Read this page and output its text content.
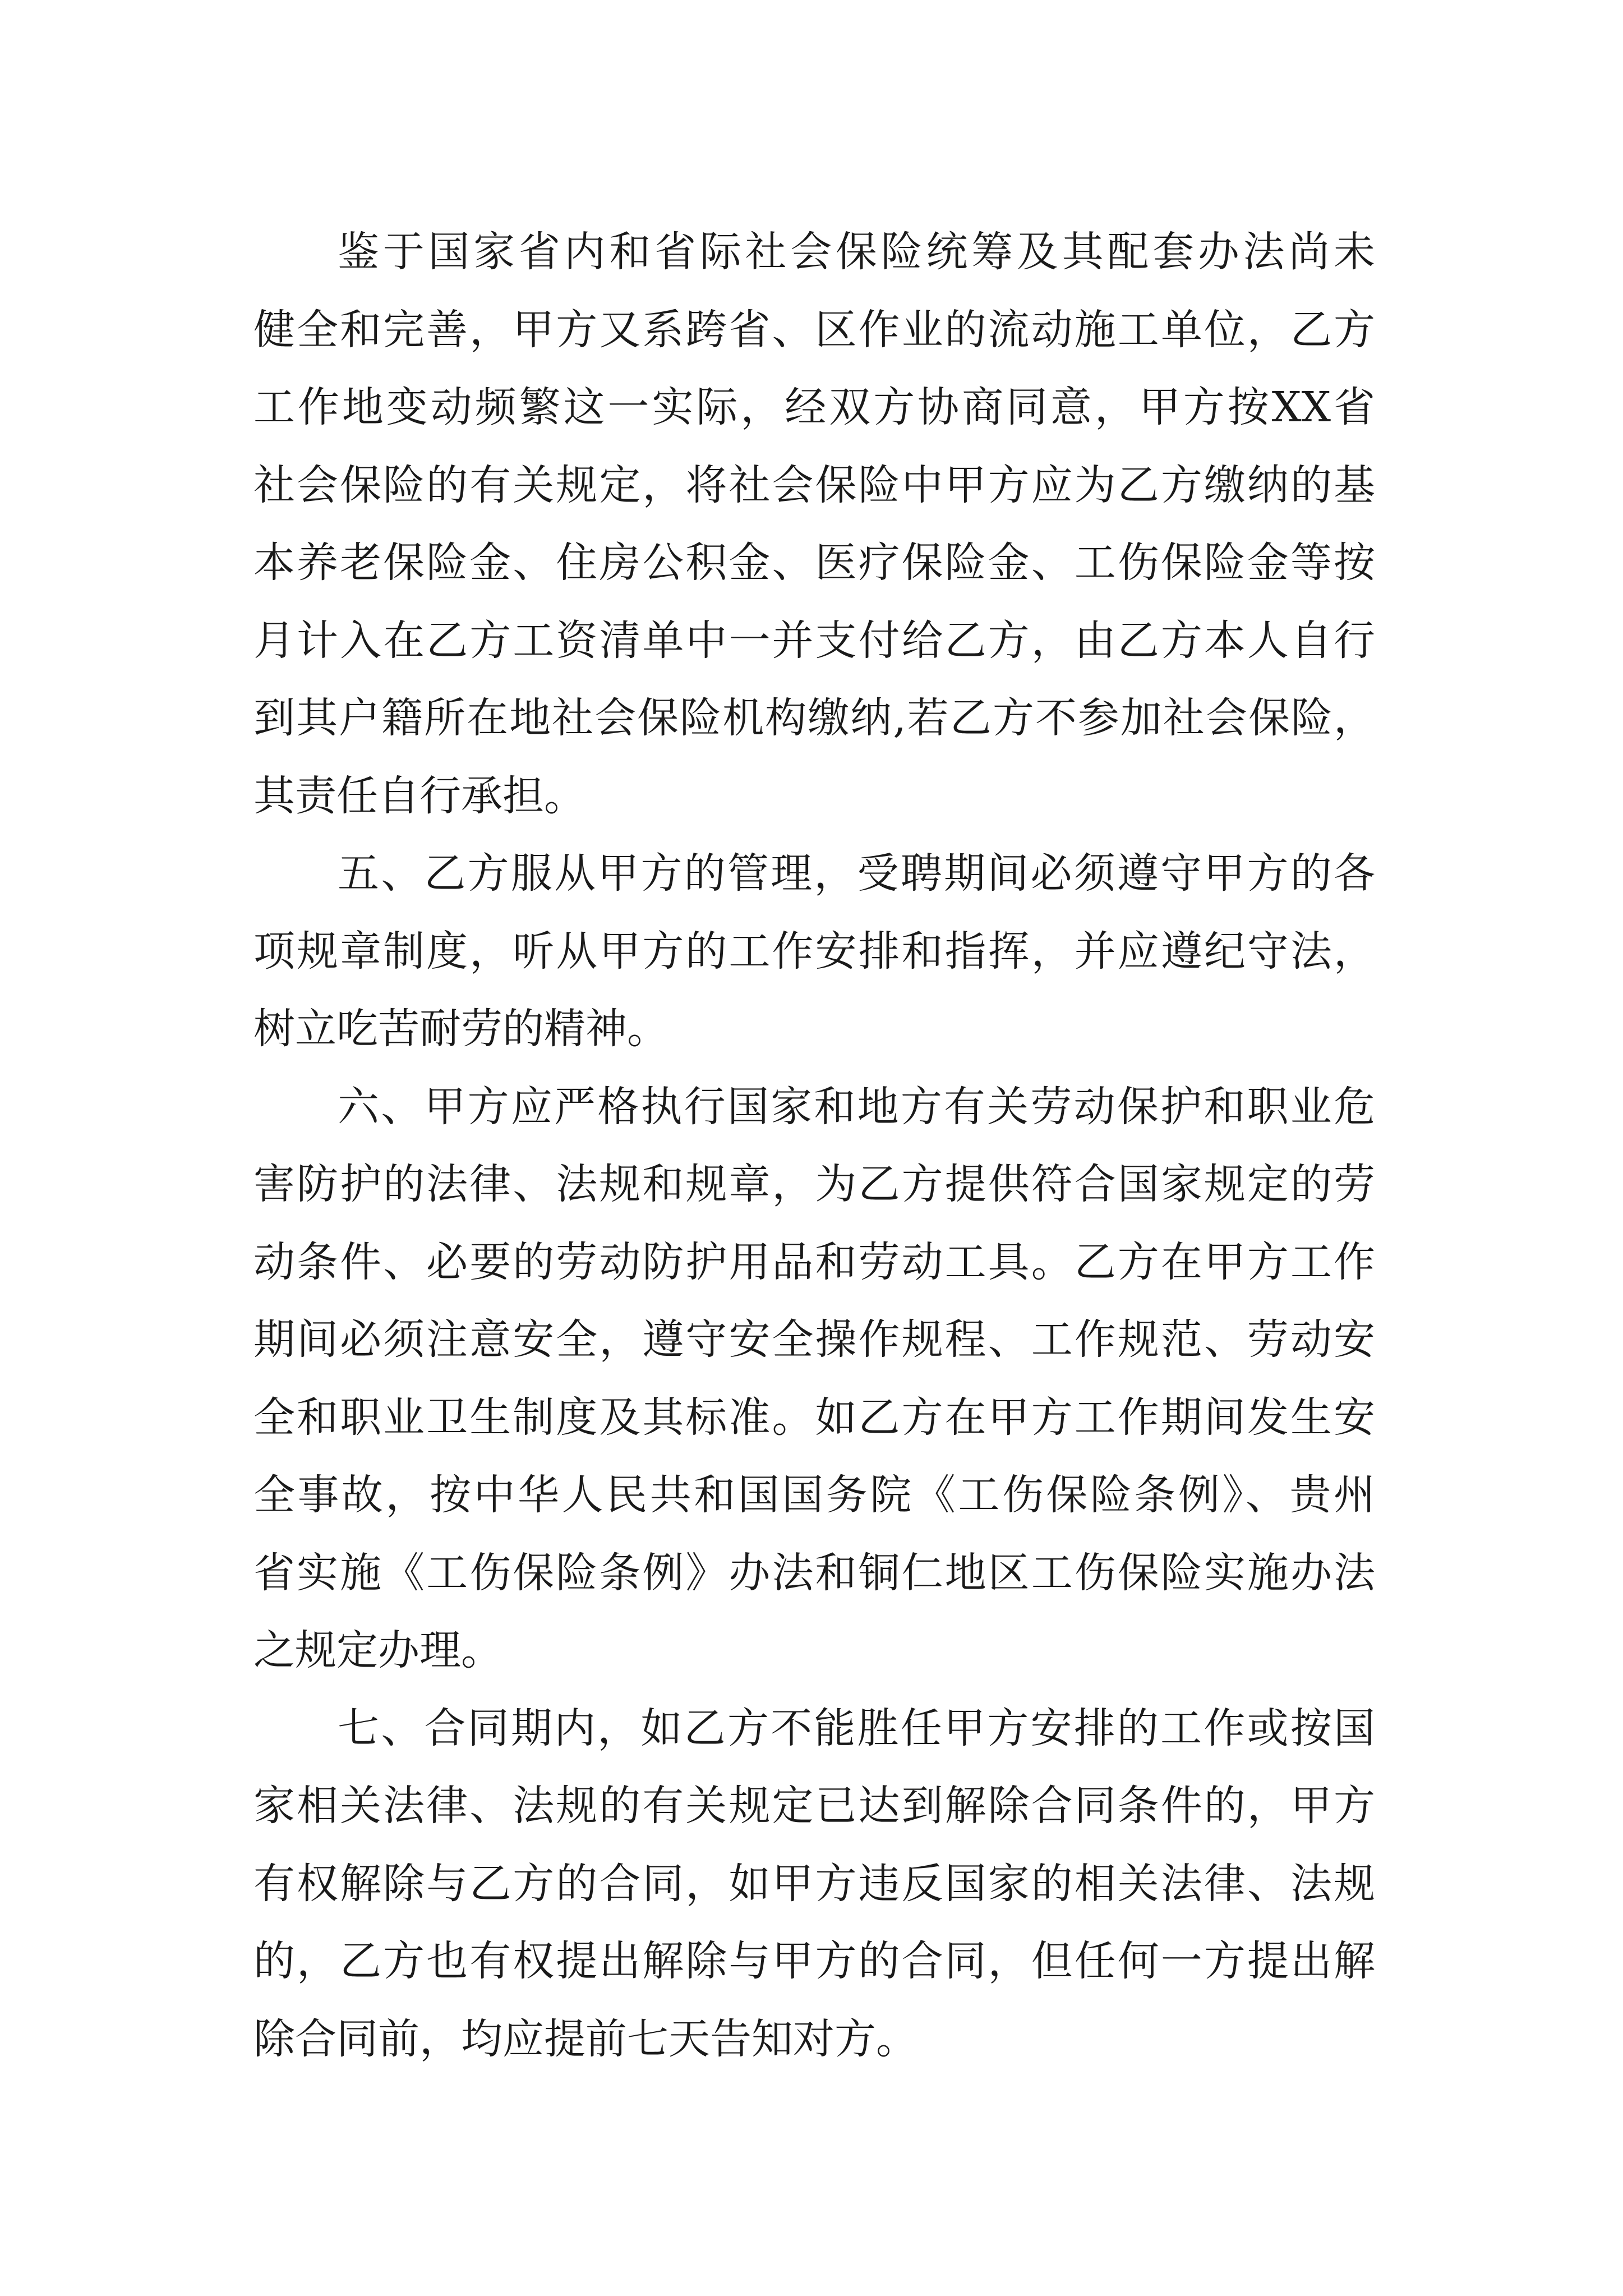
鉴于国家省内和省际社会保险统筹及其配套办法尚未
健全和完善，甲方又系跨省、区作业的流动施工单位，乙方
工作地变动频繁这一实际，经双方协商同意，甲方按XX省
社会保险的有关规定，将社会保险中甲方应为乙方缴纳的基
本养老保险金、住房公积金、医疗保险金、工伤保险金等按
月计入在乙方工资清单中一并支付给乙方，由乙方本人自行
到其户籍所在地社会保险机构缴纳,若乙方不参加社会保险，
其责任自行承担。
五、乙方服从甲方的管理，受聘期间必须遵守甲方的各
项规章制度，听从甲方的工作安排和指挥，并应遵纪守法，
树立吃苦耐劳的精神。
六、甲方应严格执行国家和地方有关劳动保护和职业危
害防护的法律、法规和规章，为乙方提供符合国家规定的劳
动条件、必要的劳动防护用品和劳动工具。乙方在甲方工作
期间必须注意安全，遵守安全操作规程、工作规范、劳动安
全和职业卫生制度及其标准。如乙方在甲方工作期间发生安
全事故，按中华人民共和国国务院《工伤保险条例》、贵州
省实施《工伤保险条例》办法和铜仁地区工伤保险实施办法
之规定办理。
七、合同期内，如乙方不能胜任甲方安排的工作或按国
家相关法律、法规的有关规定已达到解除合同条件的，甲方
有权解除与乙方的合同，如甲方违反国家的相关法律、法规
的，乙方也有权提出解除与甲方的合同，但任何一方提出解
除合同前，均应提前七天告知对方。
